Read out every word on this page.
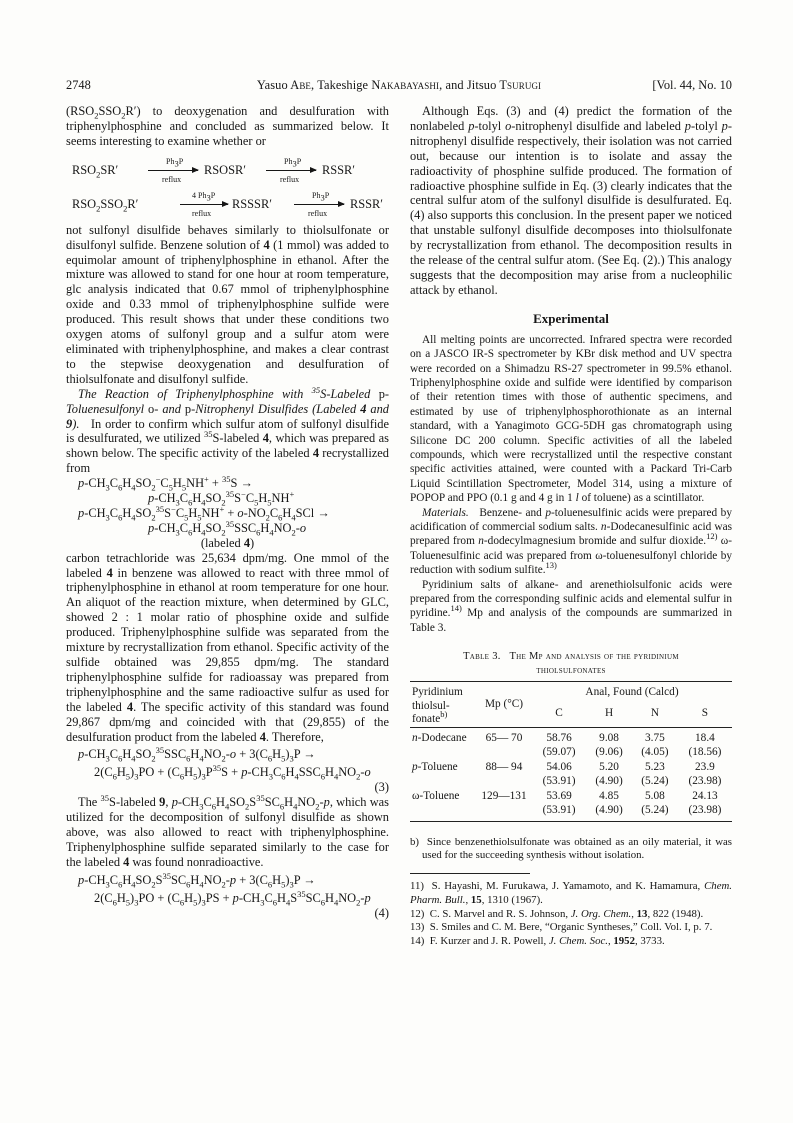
2748	Yasuo Abe, Takeshige Nakabayashi, and Jitsuo Tsurugi	[Vol. 44, No. 10

$(RSO_2SSO_2R')$ to deoxygenation and desulfuration with triphenylphosphine and concluded as summarized below. It seems interesting to examine whether or

$RSO_2SR'$
$Ph_3P$
reflux
RSOSR′
$Ph_3P$
reflux
RSSR′
$RSO_2SSO_2R'$
4 $Ph_3P$
reflux
RSSSR′
$Ph_3P$
reflux
RSSR′

not sulfonyl disulfide behaves similarly to thiolsulfonate or disulfonyl sulfide. Benzene solution of 4 (1 mmol) was added to equimolar amount of triphenylphosphine in ethanol. After the mixture was allowed to stand for one hour at room temperature, glc analysis indicated that 0.67 mmol of triphenylphosphine oxide and 0.33 mmol of triphenylphosphine sulfide were produced. This result shows that under these conditions two oxygen atoms of sulfonyl group and a sulfur atom were eliminated with triphenylphosphine, and makes a clear contrast to the stepwise deoxygenation and desulfuration of thiolsulfonate and disulfonyl sulfide.

The Reaction of Triphenylphosphine with $^{35}$S-Labeled p-Toluenesulfonyl o- and p-Nitrophenyl Disulfides (Labeled 4 and 9).   In order to confirm which sulfur atom of sulfonyl disulfide is desulfurated, we utilized $^{35}$S-labeled 4, which was prepared as shown below. The specific activity of the labeled 4 recrystallized from

$p-CH_3C_6H_4SO_2^-C_5H_5NH^+ + ^{35}S$ →
$p-CH_3C_6H_4SO_2^{35}S^-C_5H_5NH^+$
$p-CH_3C_6H_4SO_2^{35}S^-C_5H_5NH^+ + o-NO_2C_6H_4SCl$ →
$p-CH_3C_6H_4SO_2^{35}SSC_6H_4NO_2-o$
(labeled 4)

carbon tetrachloride was 25,634 dpm/mg. One mmol of the labeled 4 in benzene was allowed to react with three mmol of triphenylphosphine in ethanol at room temperature for one hour. An aliquot of the reaction mixture, when determined by GLC, showed 2 : 1 molar ratio of phosphine oxide and sulfide produced. Triphenylphosphine sulfide was separated from the mixture by recrystallization from ethanol. Specific activity of the sulfide obtained was 29,855 dpm/mg. The standard triphenylphosphine sulfide for radioassay was prepared from triphenylphosphine and the same radioactive sulfur as used for the labeled 4. The specific activity of this standard was found 29,867 dpm/mg and coincided with that (29,855) of the desulfuration product from the labeled 4. Therefore,

$p-CH_3C_6H_4SO_2^{35}SSC_6H_4NO_2-o + 3(C_6H_5)_3P$ →
$2(C_6H_5)_3PO + (C_6H_5)_3P^{35}S + p-CH_3C_6H_4SSC_6H_4NO_2-o$
(3)

The $^{35}$S-labeled 9, $p-CH_3C_6H_4SO_2S^{35}SC_6H_4NO_2-p$, which was utilized for the decomposition of sulfonyl disulfide as shown above, was also allowed to react with triphenylphosphine. Triphenylphosphine sulfide separated similarly to the case for the labeled 4 was found nonradioactive.

$p-CH_3C_6H_4SO_2S^{35}SC_6H_4NO_2-p + 3(C_6H_5)_3P$ →
$2(C_6H_5)_3PO + (C_6H_5)_3PS + p-CH_3C_6H_4S^{35}SC_6H_4NO_2-p$
(4)

Although Eqs. (3) and (4) predict the formation of the nonlabeled p-tolyl o-nitrophenyl disulfide and labeled p-tolyl p-nitrophenyl disulfide respectively, their isolation was not carried out, because our intention is to isolate and assay the radioactivity of phosphine sulfide produced. The formation of radioactive phosphine sulfide in Eq. (3) clearly indicates that the central sulfur atom of the sulfonyl disulfide is desulfurated. Eq. (4) also supports this conclusion. In the present paper we noticed that unstable sulfonyl disulfide decomposes into thiolsulfonate by recrystallization from ethanol. The decomposition results in the release of the central sulfur atom. (See Eq. (2).) This analogy suggests that the decomposition may arise from a nucleophilic attack by ethanol.

Experimental

All melting points are uncorrected. Infrared spectra were recorded on a JASCO IR-S spectrometer by KBr disk method and UV spectra were recorded on a Shimadzu RS-27 spectrometer in 99.5% ethanol. Triphenylphosphine oxide and sulfide were identified by comparison of their retention times with those of authentic specimens, and estimated by use of triphenylphosphorothionate as an internal standard, with a Yanagimoto GCG-5DH gas chromatograph using Silicone DC 200 column. Specific activities of all the labeled compounds, which were recrystallized until the respective constant specific activities attained, were counted with a Packard Tri-Carb Liquid Scintillation Spectrometer, Model 314, using a mixture of POPOP and PPO (0.1 g and 4 g in 1 l of toluene) as a scintillator.

Materials.   Benzene- and p-toluenesulfinic acids were prepared by acidification of commercial sodium salts. n-Dodecanesulfinic acid was prepared from n-dodecylmagnesium bromide and sulfur dioxide.$^{12)}$ ω-Toluenesulfinic acid was prepared from ω-toluenesulfonyl chloride by reduction with sodium sulfite.$^{13)}$

Pyridinium salts of alkane- and arenethiolsulfonic acids were prepared from the corresponding sulfinic acids and elemental sulfur in pyridine.$^{14)}$ Mp and analysis of the compounds are summarized in Table 3.

Table 3.   The Mp and analysis of the pyridinium
thiolsulfonates
Pyridinium
thiolsul-
fonate$^{b)}$	Mp (°C)	Anal, Found (Calcd)			
		C	H	N	S
n-Dodecane	65— 70	58.76	9.08	3.75	18.4
		(59.07)	(9.06)	(4.05)	(18.56)
p-Toluene	88— 94	54.06	5.20	5.23	23.9
		(53.91)	(4.90)	(5.24)	(23.98)
ω-Toluene	129—131	53.69	4.85	5.08	24.13
		(53.91)	(4.90)	(5.24)	(23.98)

b)  Since benzenethiolsulfonate was obtained as an oily material, it was used for the succeeding synthesis without isolation.

11)  S. Hayashi, M. Furukawa, J. Yamamoto, and K. Hamamura, Chem. Pharm. Bull., 15, 1310 (1967).

12)  C. S. Marvel and R. S. Johnson, J. Org. Chem., 13, 822 (1948).

13)  S. Smiles and C. M. Bere, “Organic Syntheses,” Coll. Vol. I, p. 7.

14)  F. Kurzer and J. R. Powell, J. Chem. Soc., 1952, 3733.
